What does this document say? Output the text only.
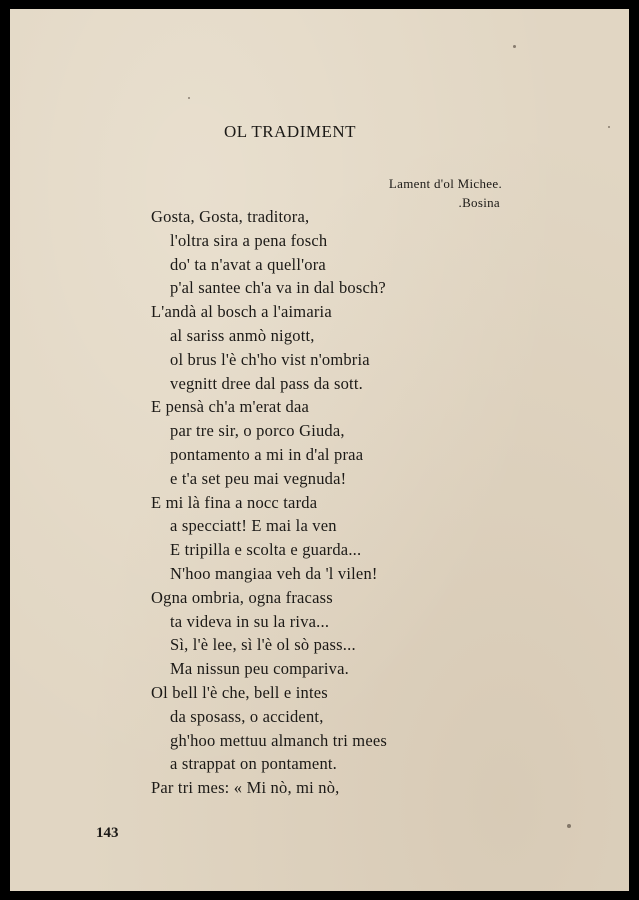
OL TRADIMENT
Lament d'ol Michee.
.Bosina
Gosta, Gosta, traditora,
l'oltra sira a pena fosch
do' ta n'avat a quell'ora
p'al santee ch'a va in dal bosch?
L'andà al bosch a l'aimaria
al sariss anmò nigott,
ol brus l'è ch'ho vist n'ombria
vegnitt dree dal pass da sott.
E pensà ch'a m'erat daa
par tre sir, o porco Giuda,
pontamento a mi in d'al praa
e t'a set peu mai vegnuda!
E mi là fina a nocc tarda
a specciatt! E mai la ven
E tripilla e scolta e guarda...
N'hoo mangiaa veh da 'l vilen!
Ogna ombria, ogna fracass
ta videva in su la riva...
Sì, l'è lee, sì l'è ol sò pass...
Ma nissun peu compariva.
Ol bell l'è che, bell e intes
da sposass, o accident,
gh'hoo mettuu almanch tri mees
a strappat on pontament.
Par tri mes: « Mi nò, mi nò,
143
